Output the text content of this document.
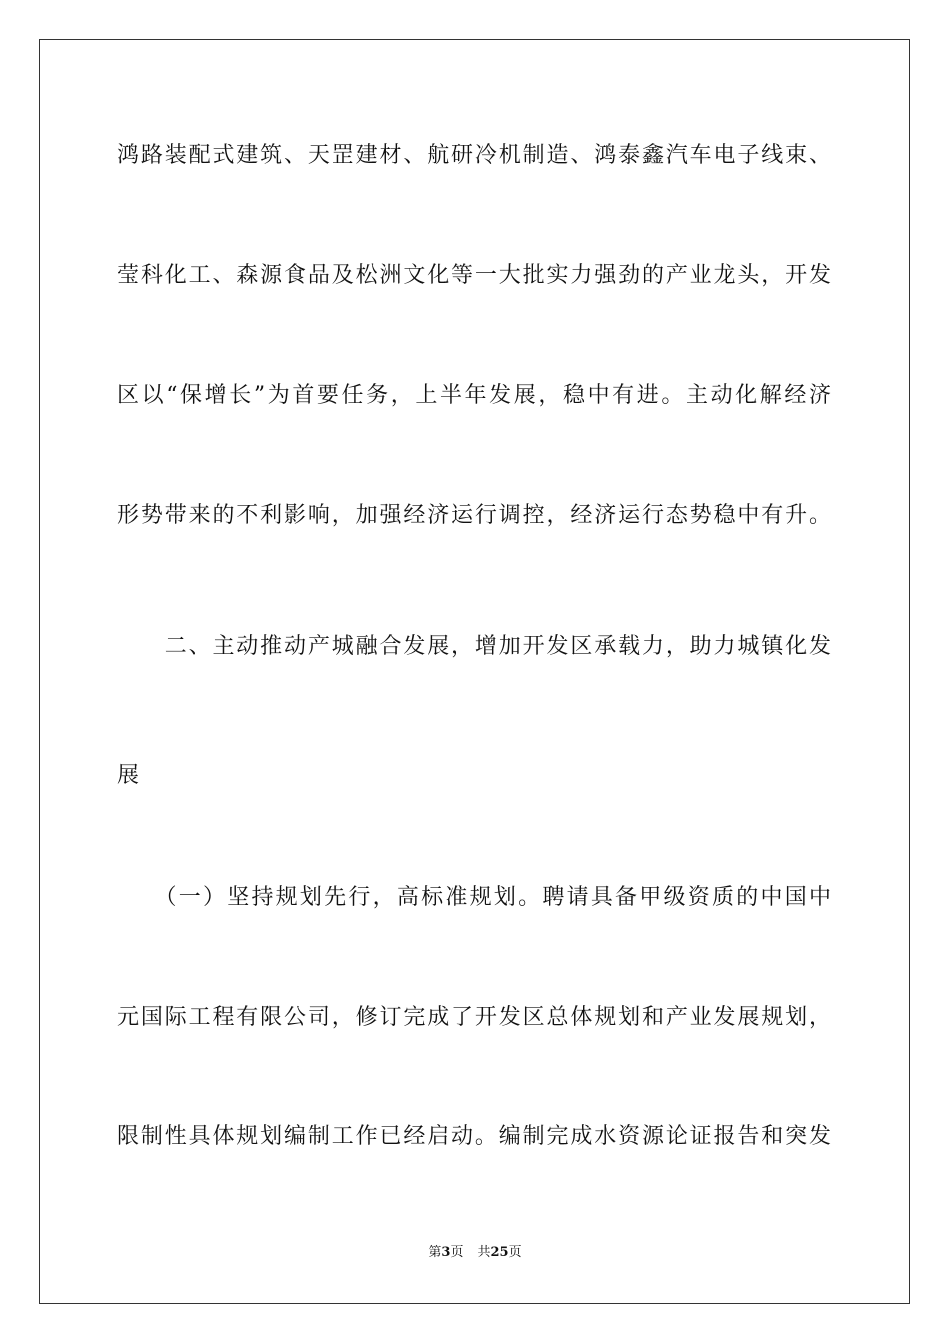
鸿路装配式建筑、天罡建材、航研冷机制造、鸿泰鑫汽车电子线束、
莹科化工、森源食品及松洲文化等一大批实力强劲的产业龙头，开发
区以“保增长”为首要任务，上半年发展，稳中有进。主动化解经济
形势带来的不利影响，加强经济运行调控，经济运行态势稳中有升。
　　二、主动推动产城融合发展，增加开发区承载力，助力城镇化发
展
　　（一）坚持规划先行，高标准规划。聘请具备甲级资质的中国中
元国际工程有限公司，修订完成了开发区总体规划和产业发展规划，
限制性具体规划编制工作已经启动。编制完成水资源论证报告和突发
第3页 共25页
